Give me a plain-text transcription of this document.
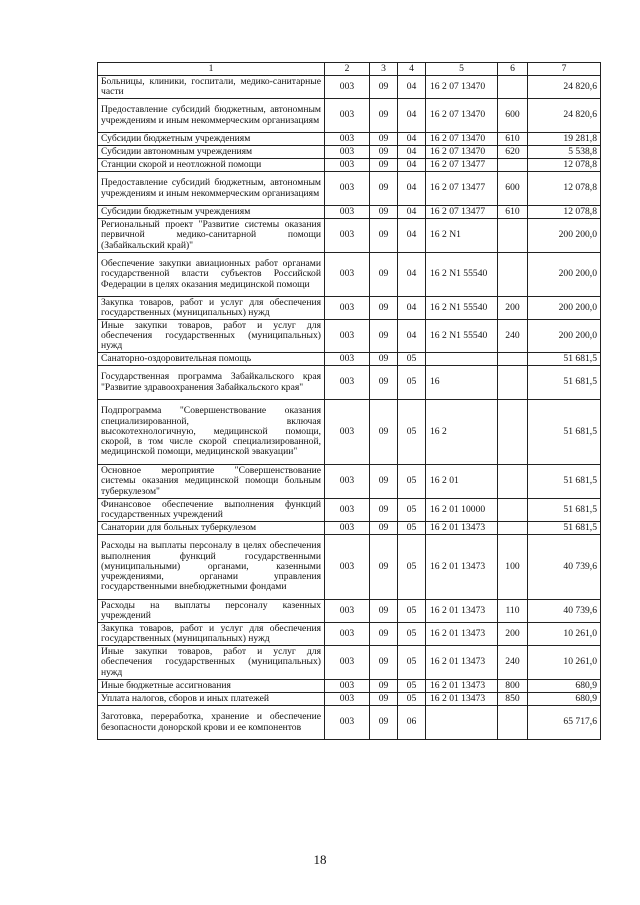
1	2	3	4	5	6	7
Больницы, клиники, госпитали, медико-санитарные части	003	09	04	16 2 07 13470		24 820,6
Предоставление субсидий бюджетным, автономным учреждениям и иным некоммерческим организациям	003	09	04	16 2 07 13470	600	24 820,6
Субсидии бюджетным учреждениям	003	09	04	16 2 07 13470	610	19 281,8
Субсидии автономным учреждениям	003	09	04	16 2 07 13470	620	5 538,8
Станции скорой и неотложной помощи	003	09	04	16 2 07 13477		12 078,8
Предоставление субсидий бюджетным, автономным учреждениям и иным некоммерческим организациям	003	09	04	16 2 07 13477	600	12 078,8
Субсидии бюджетным учреждениям	003	09	04	16 2 07 13477	610	12 078,8
Региональный проект "Развитие системы оказания первичной медико-санитарной помощи (Забайкальский край)"	003	09	04	16 2 N1		200 200,0
Обеспечение закупки авиационных работ органами государственной власти субъектов Российской Федерации в целях оказания медицинской помощи	003	09	04	16 2 N1 55540		200 200,0
Закупка товаров, работ и услуг для обеспечения государственных (муниципальных) нужд	003	09	04	16 2 N1 55540	200	200 200,0
Иные закупки товаров, работ и услуг для обеспечения государственных (муниципальных) нужд	003	09	04	16 2 N1 55540	240	200 200,0
Санаторно-оздоровительная помощь	003	09	05			51 681,5
Государственная программа Забайкальского края "Развитие здравоохранения Забайкальского края"	003	09	05	16		51 681,5
Подпрограмма "Совершенствование оказания специализированной, включая высокотехнологичную, медицинской помощи, скорой, в том числе скорой специализированной, медицинской помощи, медицинской эвакуации"	003	09	05	16 2		51 681,5
Основное мероприятие "Совершенствование системы оказания медицинской помощи больным туберкулезом"	003	09	05	16 2 01		51 681,5
Финансовое обеспечение выполнения функций государственных учреждений	003	09	05	16 2 01 10000		51 681,5
Санатории для больных туберкулезом	003	09	05	16 2 01 13473		51 681,5
Расходы на выплаты персоналу в целях обеспечения выполнения функций государственными (муниципальными) органами, казенными учреждениями, органами управления государственными внебюджетными фондами	003	09	05	16 2 01 13473	100	40 739,6
Расходы на выплаты персоналу казенных учреждений	003	09	05	16 2 01 13473	110	40 739,6
Закупка товаров, работ и услуг для обеспечения государственных (муниципальных) нужд	003	09	05	16 2 01 13473	200	10 261,0
Иные закупки товаров, работ и услуг для обеспечения государственных (муниципальных) нужд	003	09	05	16 2 01 13473	240	10 261,0
Иные бюджетные ассигнования	003	09	05	16 2 01 13473	800	680,9
Уплата налогов, сборов и иных платежей	003	09	05	16 2 01 13473	850	680,9
Заготовка, переработка, хранение и обеспечение безопасности донорской крови и ее компонентов	003	09	06			65 717,6
18
